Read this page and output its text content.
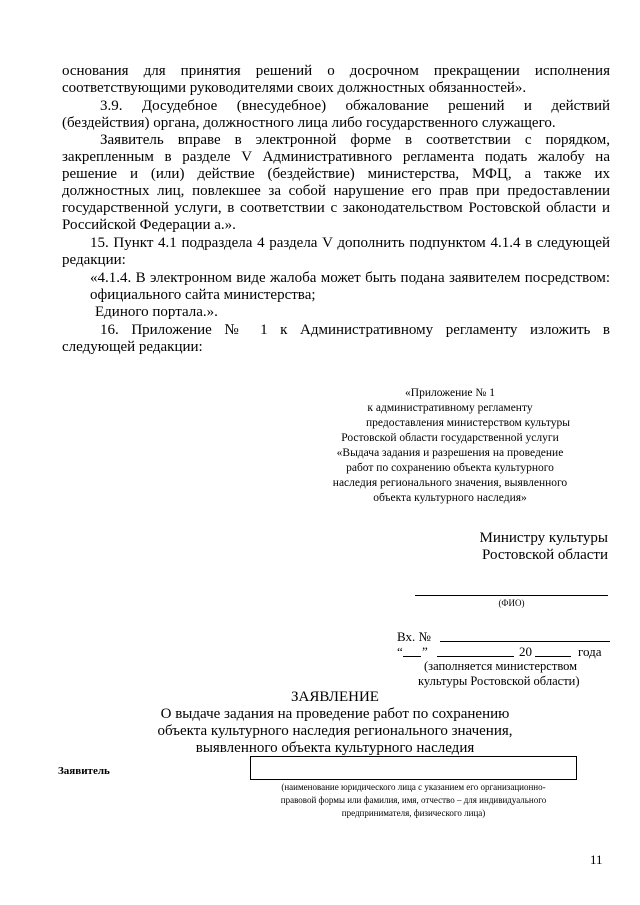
основания для принятия решений о досрочном прекращении исполнения
соответствующими руководителями своих должностных обязанностей».
3.9. Досудебное (внесудебное) обжалование решений и действий
(бездействия) органа, должностного лица либо государственного служащего.
Заявитель вправе в электронной форме в соответствии с порядком,
закрепленным в разделе V Административного регламента подать жалобу на
решение и (или) действие (бездействие) министерства, МФЦ, а также их
должностных лиц, повлекшее за собой нарушение его прав при предоставлении
государственной услуги, в соответствии с законодательством Ростовской области и
Российской Федерации а.».
15. Пункт 4.1 подраздела 4 раздела V дополнить подпунктом 4.1.4 в следующей
редакции:
«4.1.4. В электронном виде жалоба может быть подана заявителем посредством:
официального сайта министерства;
Единого портала.».
16. Приложение № 1 к Административному регламенту изложить в
следующей редакции:
«Приложение № 1
к административному регламенту
предоставления министерством культуры
Ростовской области государственной услуги
«Выдача задания и разрешения на проведение
работ по сохранению объекта культурного
наследия регионального значения, выявленного
объекта культурного наследия»
Министру культуры
Ростовской области
(ФИО)
Вх. №
“ ”	20	года
(заполняется министерством
культуры Ростовской области)
ЗАЯВЛЕНИЕ
О выдаче задания на проведение работ по сохранению
объекта культурного наследия регионального значения,
выявленного объекта культурного наследия
Заявитель
(наименование юридического лица с указанием его организационно-
правовой формы или фамилия, имя, отчество – для индивидуального
предпринимателя, физического лица)
11
